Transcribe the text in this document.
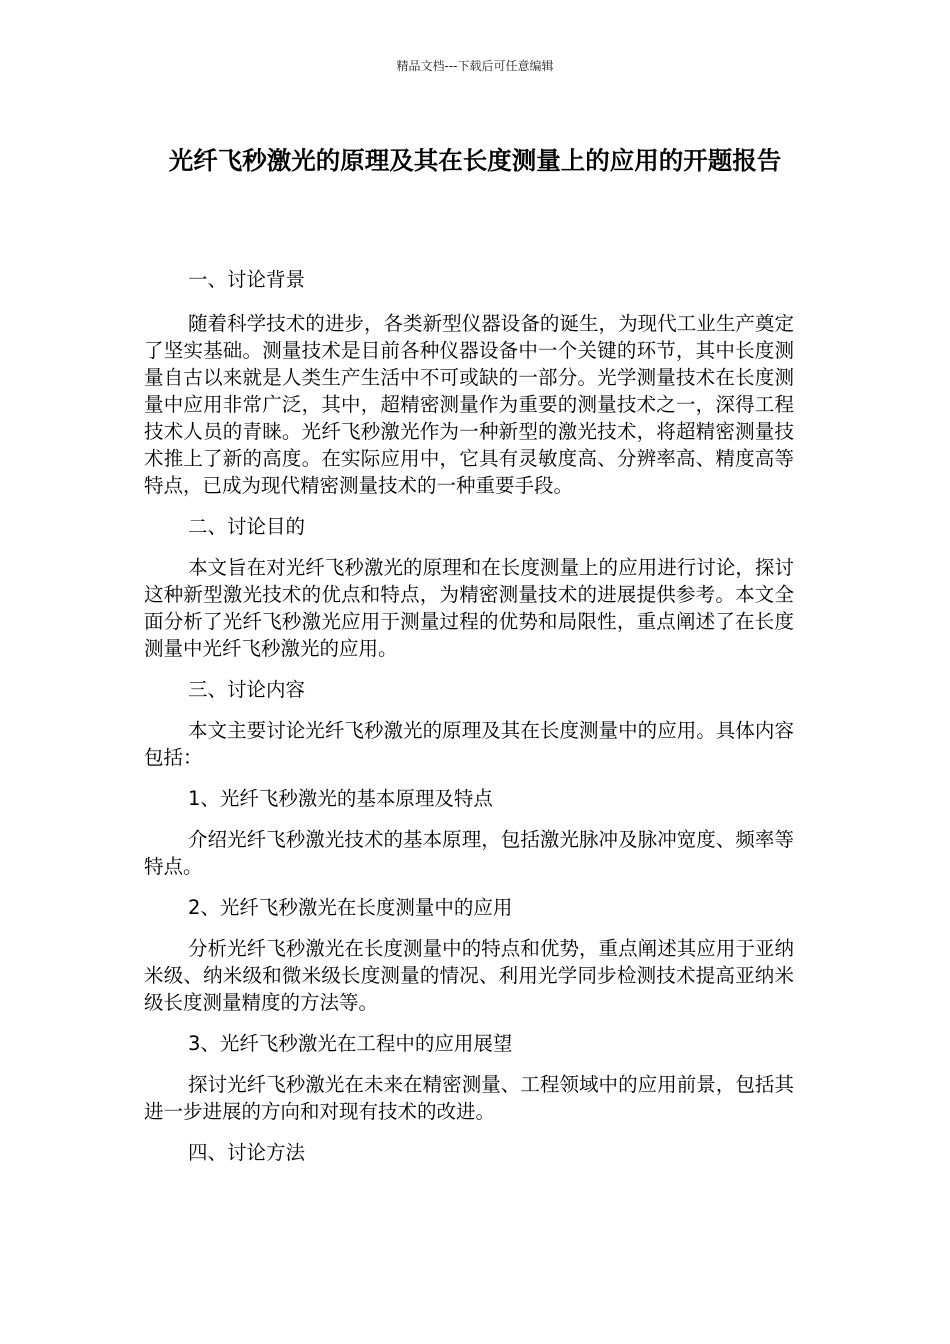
精品文档---下载后可任意编辑
光纤飞秒激光的原理及其在长度测量上的应用的开题报告

一、讨论背景

随着科学技术的进步，各类新型仪器设备的诞生，为现代工业生产奠定了坚实基础。测量技术是目前各种仪器设备中一个关键的环节，其中长度测量自古以来就是人类生产生活中不可或缺的一部分。光学测量技术在长度测量中应用非常广泛，其中，超精密测量作为重要的测量技术之一，深得工程技术人员的青睐。光纤飞秒激光作为一种新型的激光技术，将超精密测量技术推上了新的高度。在实际应用中，它具有灵敏度高、分辨率高、精度高等特点，已成为现代精密测量技术的一种重要手段。

二、讨论目的

本文旨在对光纤飞秒激光的原理和在长度测量上的应用进行讨论，探讨这种新型激光技术的优点和特点，为精密测量技术的进展提供参考。本文全面分析了光纤飞秒激光应用于测量过程的优势和局限性，重点阐述了在长度测量中光纤飞秒激光的应用。

三、讨论内容

本文主要讨论光纤飞秒激光的原理及其在长度测量中的应用。具体内容包括：

1、光纤飞秒激光的基本原理及特点

介绍光纤飞秒激光技术的基本原理，包括激光脉冲及脉冲宽度、频率等特点。

2、光纤飞秒激光在长度测量中的应用

分析光纤飞秒激光在长度测量中的特点和优势，重点阐述其应用于亚纳米级、纳米级和微米级长度测量的情况、利用光学同步检测技术提高亚纳米级长度测量精度的方法等。

3、光纤飞秒激光在工程中的应用展望

探讨光纤飞秒激光在未来在精密测量、工程领域中的应用前景，包括其进一步进展的方向和对现有技术的改进。

四、讨论方法
